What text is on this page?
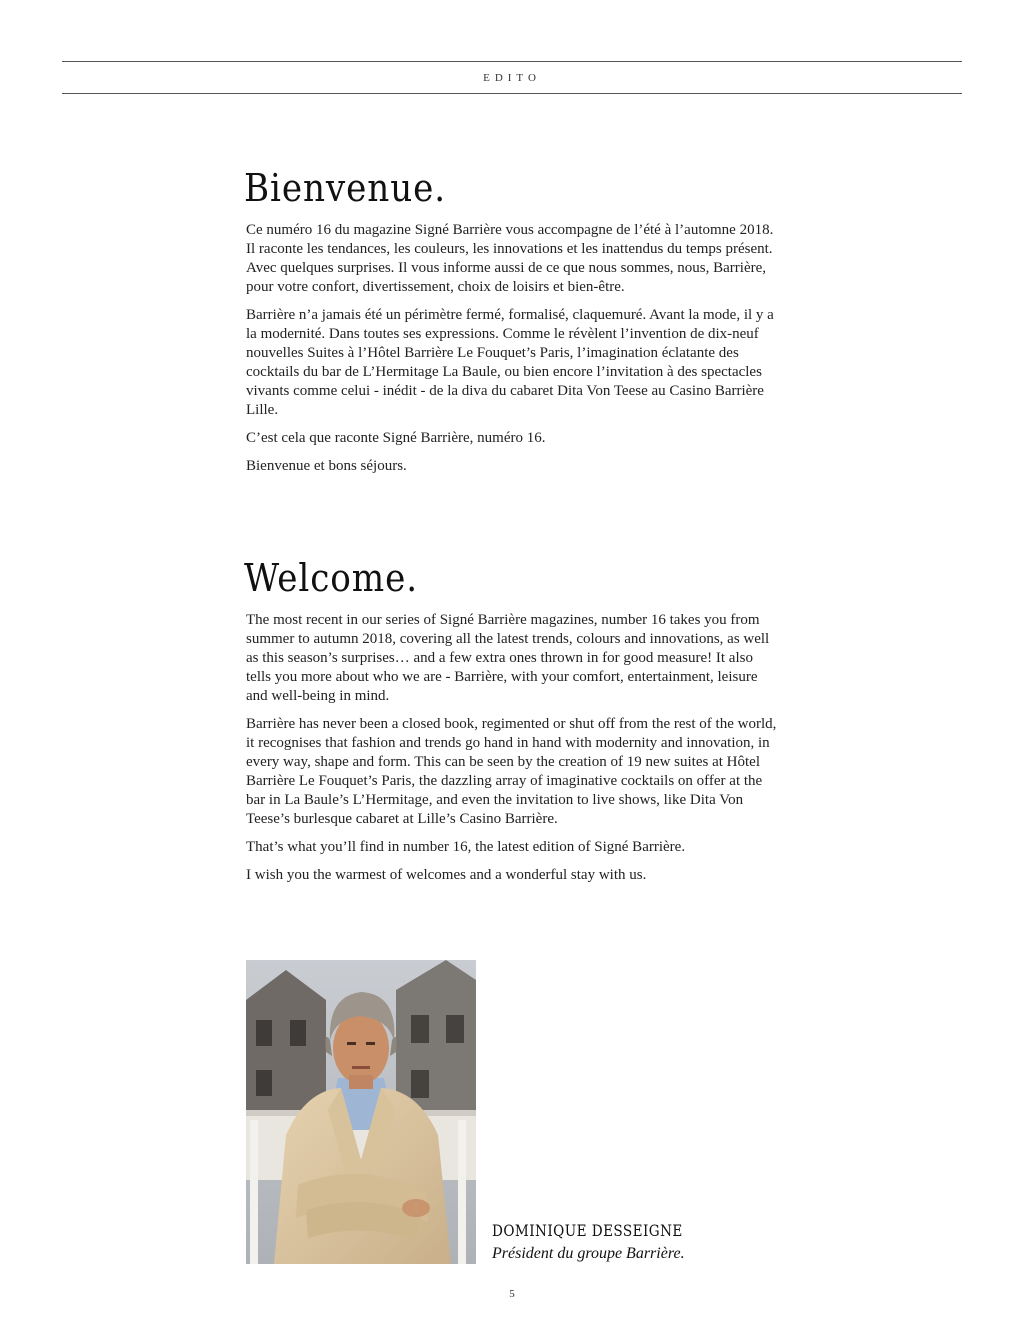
EDITO
Bienvenue.

Ce numéro 16 du magazine Signé Barrière vous accompagne de l’été à l’automne 2018. Il raconte les tendances, les couleurs, les innovations et les inattendus du temps présent. Avec quelques surprises. Il vous informe aussi de ce que nous sommes, nous, Barrière, pour votre confort, divertissement, choix de loisirs et bien-être.

Barrière n’a jamais été un périmètre fermé, formalisé, claquemuré. Avant la mode, il y a la modernité. Dans toutes ses expressions. Comme le révèlent l’invention de dix-neuf nouvelles Suites à l’Hôtel Barrière Le Fouquet’s Paris, l’imagination éclatante des cocktails du bar de L’Hermitage La Baule, ou bien encore l’invitation à des spectacles vivants comme celui - inédit - de la diva du cabaret Dita Von Teese au Casino Barrière Lille.

C’est cela que raconte Signé Barrière, numéro 16.

Bienvenue et bons séjours.

Welcome.

The most recent in our series of Signé Barrière magazines, number 16 takes you from summer to autumn 2018, covering all the latest trends, colours and innovations, as well as this season’s surprises… and a few extra ones thrown in for good measure! It also tells you more about who we are - Barrière, with your comfort, entertainment, leisure and well-being in mind.

Barrière has never been a closed book, regimented or shut off from the rest of the world, it recognises that fashion and trends go hand in hand with modernity and innovation, in every way, shape and form. This can be seen by the creation of 19 new suites at Hôtel Barrière Le Fouquet’s Paris, the dazzling array of imaginative cocktails on offer at the bar in La Baule’s L’Hermitage, and even the invitation to live shows, like Dita Von Teese’s burlesque cabaret at Lille’s Casino Barrière.

That’s what you’ll find in number 16, the latest edition of Signé Barrière.

I wish you the warmest of welcomes and a wonderful stay with us.

DOMINIQUE DESSEIGNE
Président du groupe Barrière.
5
